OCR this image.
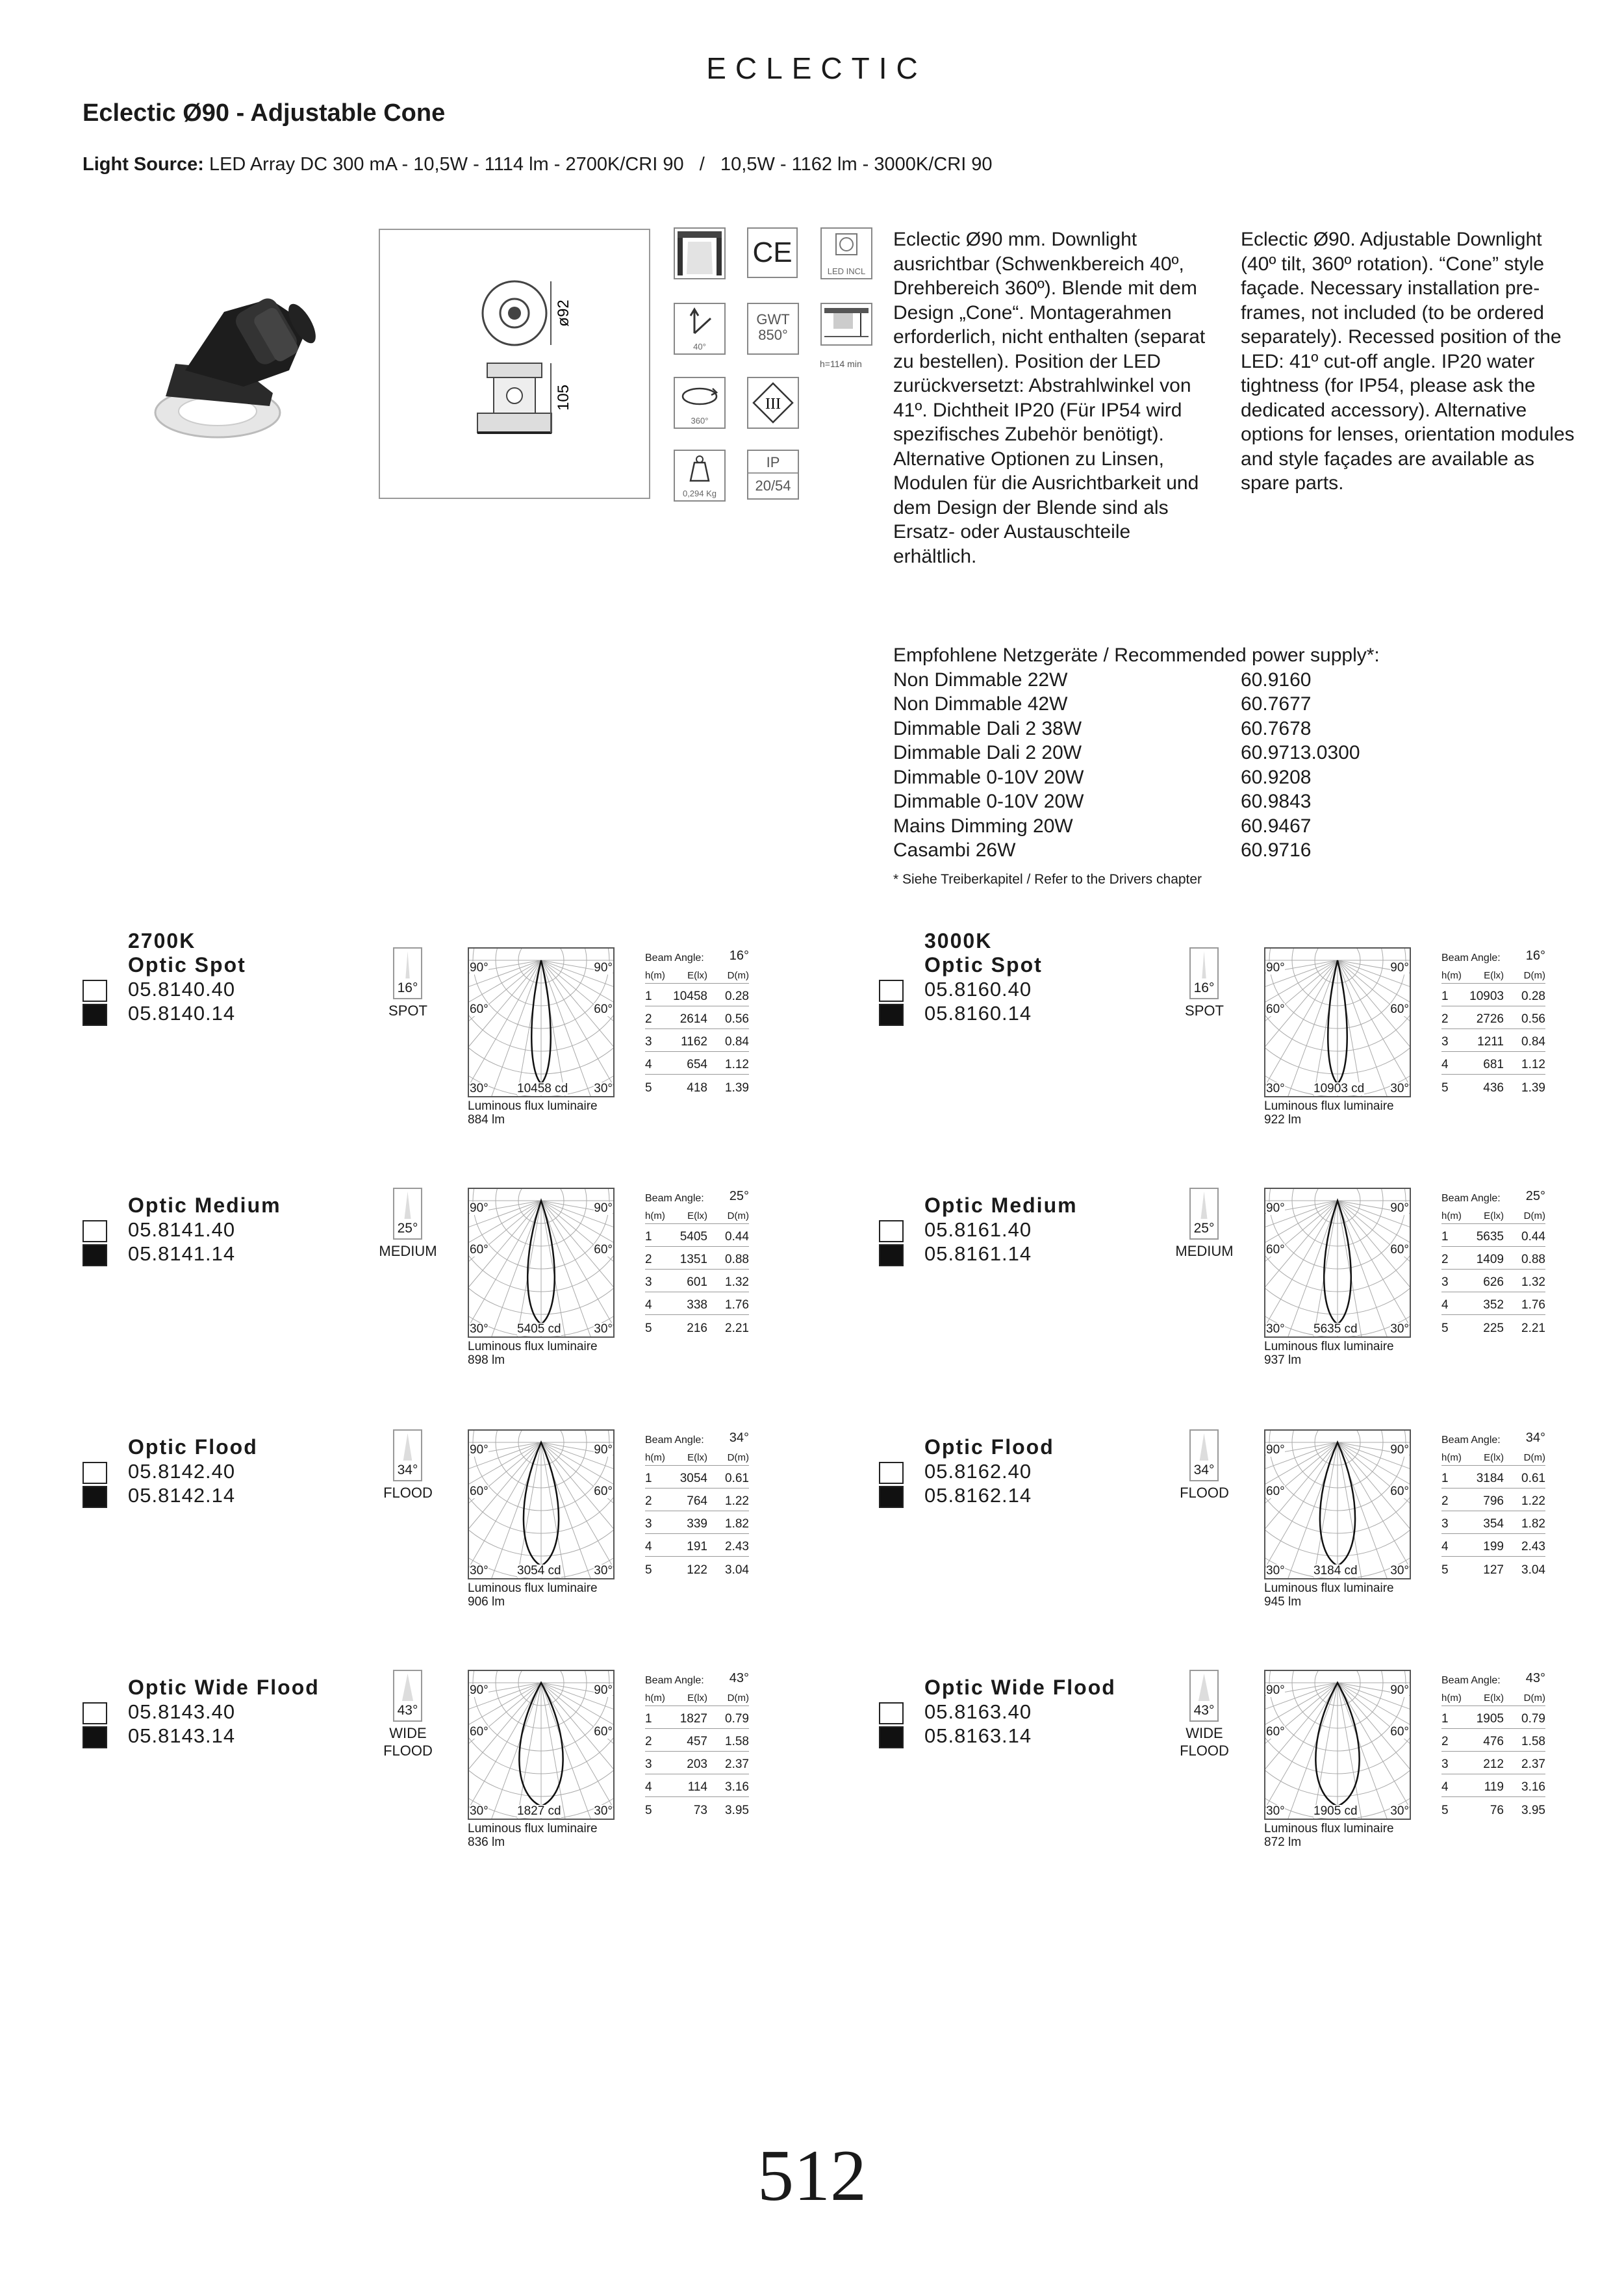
ECLECTIC
Eclectic Ø90 - Adjustable Cone
Light Source: LED Array DC 300 mA - 10,5W - 1114 lm - 2700K/CRI 90   /   10,5W - 1162 lm - 3000K/CRI 90
ø92
105
CE
LED INCL
40°
GWT
850°
h=114 min
360°
III
0,294 Kg
IP
20/54
Eclectic Ø90 mm. Downlight ausrichtbar (Schwenkbereich 40º, Drehbereich 360º). Blende mit dem Design „Cone“. Montagerahmen erforderlich, nicht enthalten (separat zu bestellen). Position der LED zurückversetzt: Abstrahlwinkel von 41º. Dichtheit IP20 (Für IP54 wird spezifisches Zubehör benötigt). Alternative Optionen zu Linsen, Modulen für die Ausrichtbarkeit und dem Design der Blende sind als Ersatz- oder Austauschteile erhältlich.
Eclectic Ø90. Adjustable Downlight (40º tilt, 360º rotation). “Cone” style façade. Necessary installation pre-frames, not included (to be ordered separately). Recessed position of the LED: 41º cut-off angle. IP20 water tightness (for IP54, please ask the dedicated accessory). Alternative options for lenses, orientation modules and style façades are available as spare parts.
Empfohlene Netzgeräte / Recommended power supply*:
Non Dimmable 22W	60.9160
Non Dimmable 42W	60.7677
Dimmable Dali 2 38W	60.7678
Dimmable Dali 2 20W	60.9713.0300
Dimmable 0-10V 20W	60.9208
Dimmable 0-10V 20W	60.9843
Mains Dimming 20W	60.9467
Casambi 26W	60.9716
* Siehe Treiberkapitel / Refer to the Drivers chapter
2700K
Optic Spot
05.8140.40
05.8140.14
16°
SPOT
90°	90°
60°	60°
30°	30°
10458 cd
Luminous flux luminaire
884 lm
Beam Angle: 16°
h(m) E(lx) D(m)
1 10458 0.28
2 2614 0.56
3 1162 0.84
4	654 1.12
5	418 1.39
3000K
Optic Spot
05.8160.40
05.8160.14
16°
SPOT
90°	90°
60°	60°
30°	30°
10903 cd
Luminous flux luminaire
922 lm
Beam Angle: 16°
h(m) E(lx) D(m)
1 10903 0.28
2 2726 0.56
3 1211 0.84
4	681 1.12
5	436 1.39
Optic Medium
05.8141.40
05.8141.14
25°
MEDIUM
90°	90°
60°	60°
30°	30°
5405 cd
Luminous flux luminaire
898 lm
Beam Angle: 25°
h(m) E(lx) D(m)
1 5405 0.44
2 1351 0.88
3	601 1.32
4	338 1.76
5	216 2.21
Optic Medium
05.8161.40
05.8161.14
25°
MEDIUM
90°	90°
60°	60°
30°	30°
5635 cd
Luminous flux luminaire
937 lm
Beam Angle: 25°
h(m) E(lx) D(m)
1 5635 0.44
2 1409 0.88
3	626 1.32
4	352 1.76
5	225 2.21
Optic Flood
05.8142.40
05.8142.14
34°
FLOOD
90°	90°
60°	60°
30°	30°
3054 cd
Luminous flux luminaire
906 lm
Beam Angle: 34°
h(m) E(lx) D(m)
1 3054 0.61
2	764 1.22
3	339 1.82
4	191 2.43
5	122 3.04
Optic Flood
05.8162.40
05.8162.14
34°
FLOOD
90°	90°
60°	60°
30°	30°
3184 cd
Luminous flux luminaire
945 lm
Beam Angle: 34°
h(m) E(lx) D(m)
1 3184 0.61
2	796 1.22
3	354 1.82
4	199 2.43
5	127 3.04
Optic Wide Flood
05.8143.40
05.8143.14
43°
WIDE FLOOD
90°	90°
60°	60°
30°	30°
1827 cd
Luminous flux luminaire
836 lm
Beam Angle: 43°
h(m) E(lx) D(m)
1 1827 0.79
2	457 1.58
3	203 2.37
4	114 3.16
5	73 3.95
Optic Wide Flood
05.8163.40
05.8163.14
43°
WIDE FLOOD
90°	90°
60°	60°
30°	30°
1905 cd
Luminous flux luminaire
872 lm
Beam Angle: 43°
h(m) E(lx) D(m)
1 1905 0.79
2	476 1.58
3	212 2.37
4	119 3.16
5	76 3.95
512
